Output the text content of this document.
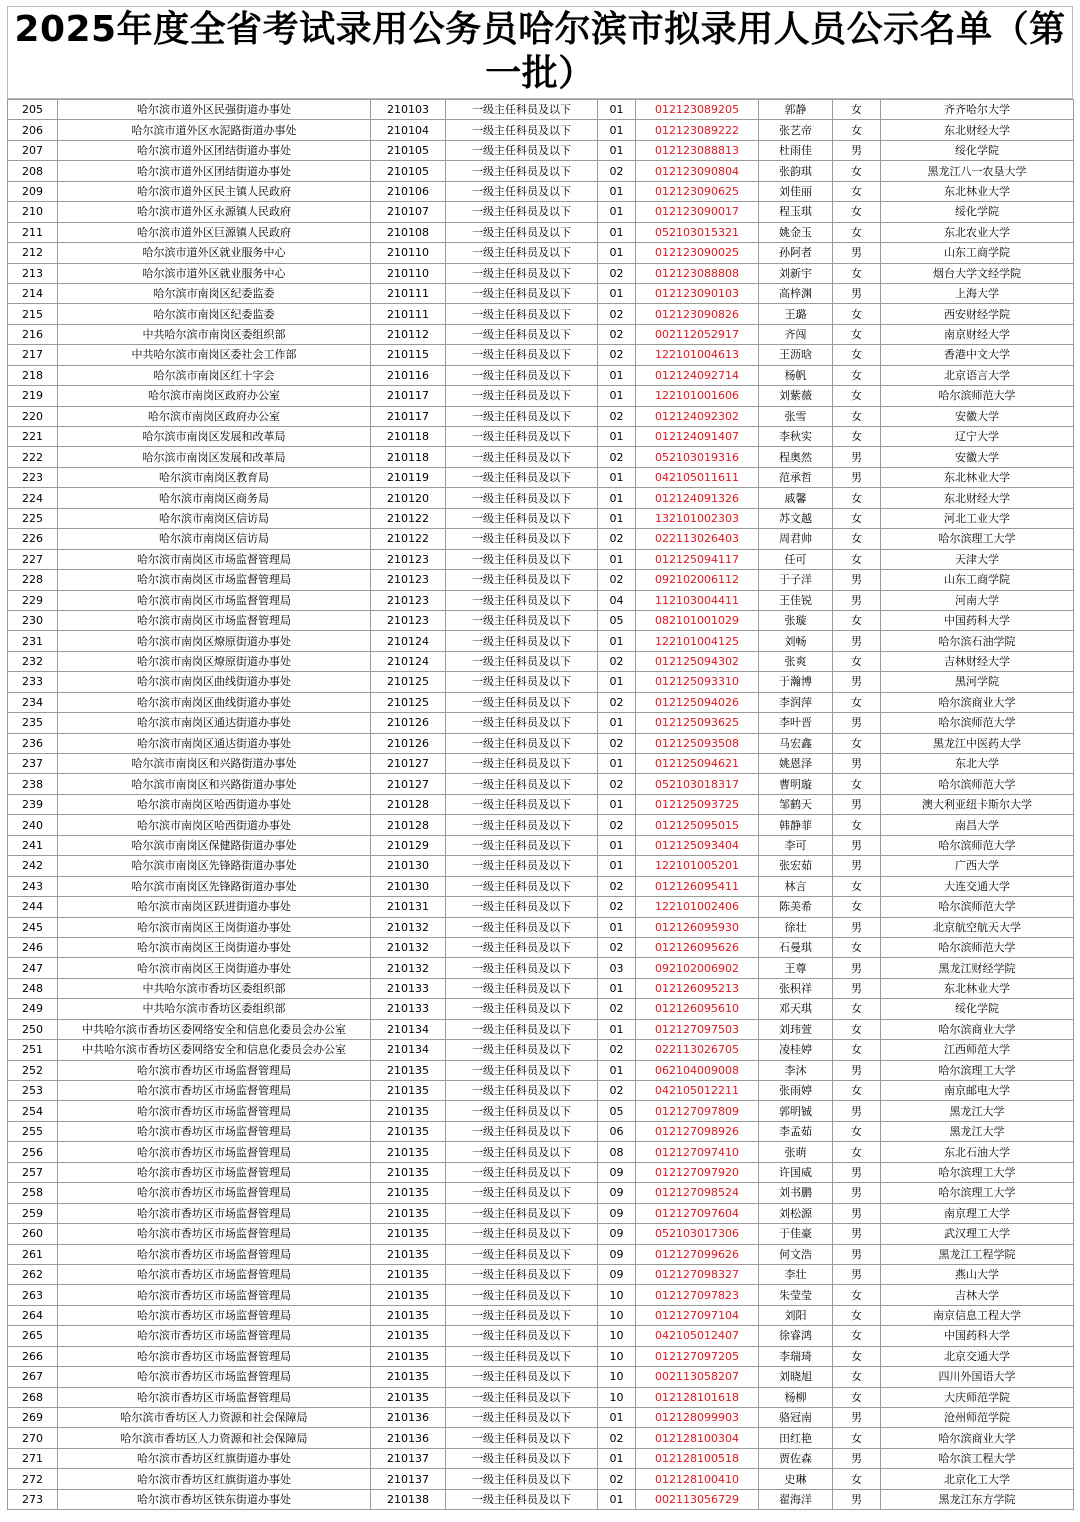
2025年度全省考试录用公务员哈尔滨市拟录用人员公示名单（第一批）
205	哈尔滨市道外区民强街道办事处	210103	一级主任科员及以下	01	012123089205	郭静	女	齐齐哈尔大学
206	哈尔滨市道外区水泥路街道办事处	210104	一级主任科员及以下	01	012123089222	张艺帝	女	东北财经大学
207	哈尔滨市道外区团结街道办事处	210105	一级主任科员及以下	01	012123088813	杜雨佳	男	绥化学院
208	哈尔滨市道外区团结街道办事处	210105	一级主任科员及以下	02	012123090804	张韵琪	女	黑龙江八一农垦大学
209	哈尔滨市道外区民主镇人民政府	210106	一级主任科员及以下	01	012123090625	刘佳丽	女	东北林业大学
210	哈尔滨市道外区永源镇人民政府	210107	一级主任科员及以下	01	012123090017	程玉琪	女	绥化学院
211	哈尔滨市道外区巨源镇人民政府	210108	一级主任科员及以下	01	052103015321	姚金玉	女	东北农业大学
212	哈尔滨市道外区就业服务中心	210110	一级主任科员及以下	01	012123090025	孙阿者	男	山东工商学院
213	哈尔滨市道外区就业服务中心	210110	一级主任科员及以下	02	012123088808	刘新宇	女	烟台大学文经学院
214	哈尔滨市南岗区纪委监委	210111	一级主任科员及以下	01	012123090103	高梓渊	男	上海大学
215	哈尔滨市南岗区纪委监委	210111	一级主任科员及以下	02	012123090826	王璐	女	西安财经学院
216	中共哈尔滨市南岗区委组织部	210112	一级主任科员及以下	02	002112052917	齐闯	女	南京财经大学
217	中共哈尔滨市南岗区委社会工作部	210115	一级主任科员及以下	02	122101004613	王沥晗	女	香港中文大学
218	哈尔滨市南岗区红十字会	210116	一级主任科员及以下	01	012124092714	杨帆	女	北京语言大学
219	哈尔滨市南岗区政府办公室	210117	一级主任科员及以下	01	122101001606	刘紫薇	女	哈尔滨师范大学
220	哈尔滨市南岗区政府办公室	210117	一级主任科员及以下	02	012124092302	张雪	女	安徽大学
221	哈尔滨市南岗区发展和改革局	210118	一级主任科员及以下	01	012124091407	李秋实	女	辽宁大学
222	哈尔滨市南岗区发展和改革局	210118	一级主任科员及以下	02	052103019316	程奥然	男	安徽大学
223	哈尔滨市南岗区教育局	210119	一级主任科员及以下	01	042105011611	范承哲	男	东北林业大学
224	哈尔滨市南岗区商务局	210120	一级主任科员及以下	01	012124091326	戚馨	女	东北财经大学
225	哈尔滨市南岗区信访局	210122	一级主任科员及以下	01	132101002303	苏文越	女	河北工业大学
226	哈尔滨市南岗区信访局	210122	一级主任科员及以下	02	022113026403	周君帅	女	哈尔滨理工大学
227	哈尔滨市南岗区市场监督管理局	210123	一级主任科员及以下	01	012125094117	任可	女	天津大学
228	哈尔滨市南岗区市场监督管理局	210123	一级主任科员及以下	02	092102006112	于子洋	男	山东工商学院
229	哈尔滨市南岗区市场监督管理局	210123	一级主任科员及以下	04	112103004411	王佳锐	男	河南大学
230	哈尔滨市南岗区市场监督管理局	210123	一级主任科员及以下	05	082101001029	张璇	女	中国药科大学
231	哈尔滨市南岗区燎原街道办事处	210124	一级主任科员及以下	01	122101004125	刘畅	男	哈尔滨石油学院
232	哈尔滨市南岗区燎原街道办事处	210124	一级主任科员及以下	02	012125094302	张爽	女	吉林财经大学
233	哈尔滨市南岗区曲线街道办事处	210125	一级主任科员及以下	01	012125093310	于瀚博	男	黑河学院
234	哈尔滨市南岗区曲线街道办事处	210125	一级主任科员及以下	02	012125094026	李润萍	女	哈尔滨商业大学
235	哈尔滨市南岗区通达街道办事处	210126	一级主任科员及以下	01	012125093625	李叶晋	男	哈尔滨师范大学
236	哈尔滨市南岗区通达街道办事处	210126	一级主任科员及以下	02	012125093508	马宏鑫	女	黑龙江中医药大学
237	哈尔滨市南岗区和兴路街道办事处	210127	一级主任科员及以下	01	012125094621	姚恩泽	男	东北大学
238	哈尔滨市南岗区和兴路街道办事处	210127	一级主任科员及以下	02	052103018317	曹明璇	女	哈尔滨师范大学
239	哈尔滨市南岗区哈西街道办事处	210128	一级主任科员及以下	01	012125093725	邹鹤天	男	澳大利亚纽卡斯尔大学
240	哈尔滨市南岗区哈西街道办事处	210128	一级主任科员及以下	02	012125095015	韩静菲	女	南昌大学
241	哈尔滨市南岗区保健路街道办事处	210129	一级主任科员及以下	01	012125093404	李可	男	哈尔滨师范大学
242	哈尔滨市南岗区先锋路街道办事处	210130	一级主任科员及以下	01	122101005201	张宏茹	男	广西大学
243	哈尔滨市南岗区先锋路街道办事处	210130	一级主任科员及以下	02	012126095411	林言	女	大连交通大学
244	哈尔滨市南岗区跃进街道办事处	210131	一级主任科员及以下	02	122101002406	陈美希	女	哈尔滨师范大学
245	哈尔滨市南岗区王岗街道办事处	210132	一级主任科员及以下	01	012126095930	徐壮	男	北京航空航天大学
246	哈尔滨市南岗区王岗街道办事处	210132	一级主任科员及以下	02	012126095626	石曼琪	女	哈尔滨师范大学
247	哈尔滨市南岗区王岗街道办事处	210132	一级主任科员及以下	03	092102006902	王尊	男	黑龙江财经学院
248	中共哈尔滨市香坊区委组织部	210133	一级主任科员及以下	01	012126095213	张积祥	男	东北林业大学
249	中共哈尔滨市香坊区委组织部	210133	一级主任科员及以下	02	012126095610	邓天琪	女	绥化学院
250	中共哈尔滨市香坊区委网络安全和信息化委员会办公室	210134	一级主任科员及以下	01	012127097503	刘玮萱	女	哈尔滨商业大学
251	中共哈尔滨市香坊区委网络安全和信息化委员会办公室	210134	一级主任科员及以下	02	022113026705	凌桂婷	女	江西师范大学
252	哈尔滨市香坊区市场监督管理局	210135	一级主任科员及以下	01	062104009008	李沐	男	哈尔滨理工大学
253	哈尔滨市香坊区市场监督管理局	210135	一级主任科员及以下	02	042105012211	张雨婷	女	南京邮电大学
254	哈尔滨市香坊区市场监督管理局	210135	一级主任科员及以下	05	012127097809	郭明铖	男	黑龙江大学
255	哈尔滨市香坊区市场监督管理局	210135	一级主任科员及以下	06	012127098926	李孟茹	女	黑龙江大学
256	哈尔滨市香坊区市场监督管理局	210135	一级主任科员及以下	08	012127097410	张萌	女	东北石油大学
257	哈尔滨市香坊区市场监督管理局	210135	一级主任科员及以下	09	012127097920	许国威	男	哈尔滨理工大学
258	哈尔滨市香坊区市场监督管理局	210135	一级主任科员及以下	09	012127098524	刘书鹏	男	哈尔滨理工大学
259	哈尔滨市香坊区市场监督管理局	210135	一级主任科员及以下	09	012127097604	刘松源	男	南京理工大学
260	哈尔滨市香坊区市场监督管理局	210135	一级主任科员及以下	09	052103017306	于佳豪	男	武汉理工大学
261	哈尔滨市香坊区市场监督管理局	210135	一级主任科员及以下	09	012127099626	何文浩	男	黑龙江工程学院
262	哈尔滨市香坊区市场监督管理局	210135	一级主任科员及以下	09	012127098327	李壮	男	燕山大学
263	哈尔滨市香坊区市场监督管理局	210135	一级主任科员及以下	10	012127097823	朱莹莹	女	吉林大学
264	哈尔滨市香坊区市场监督管理局	210135	一级主任科员及以下	10	012127097104	刘阳	女	南京信息工程大学
265	哈尔滨市香坊区市场监督管理局	210135	一级主任科员及以下	10	042105012407	徐睿鸿	女	中国药科大学
266	哈尔滨市香坊区市场监督管理局	210135	一级主任科员及以下	10	012127097205	李瑞琦	女	北京交通大学
267	哈尔滨市香坊区市场监督管理局	210135	一级主任科员及以下	10	002113058207	刘晓旭	女	四川外国语大学
268	哈尔滨市香坊区市场监督管理局	210135	一级主任科员及以下	10	012128101618	杨柳	女	大庆师范学院
269	哈尔滨市香坊区人力资源和社会保障局	210136	一级主任科员及以下	01	012128099903	骆冠南	男	沧州师范学院
270	哈尔滨市香坊区人力资源和社会保障局	210136	一级主任科员及以下	02	012128100304	田红艳	女	哈尔滨商业大学
271	哈尔滨市香坊区红旗街道办事处	210137	一级主任科员及以下	01	012128100518	贾佐森	男	哈尔滨工程大学
272	哈尔滨市香坊区红旗街道办事处	210137	一级主任科员及以下	02	012128100410	史琳	女	北京化工大学
273	哈尔滨市香坊区铁东街道办事处	210138	一级主任科员及以下	01	002113056729	翟海洋	男	黑龙江东方学院
